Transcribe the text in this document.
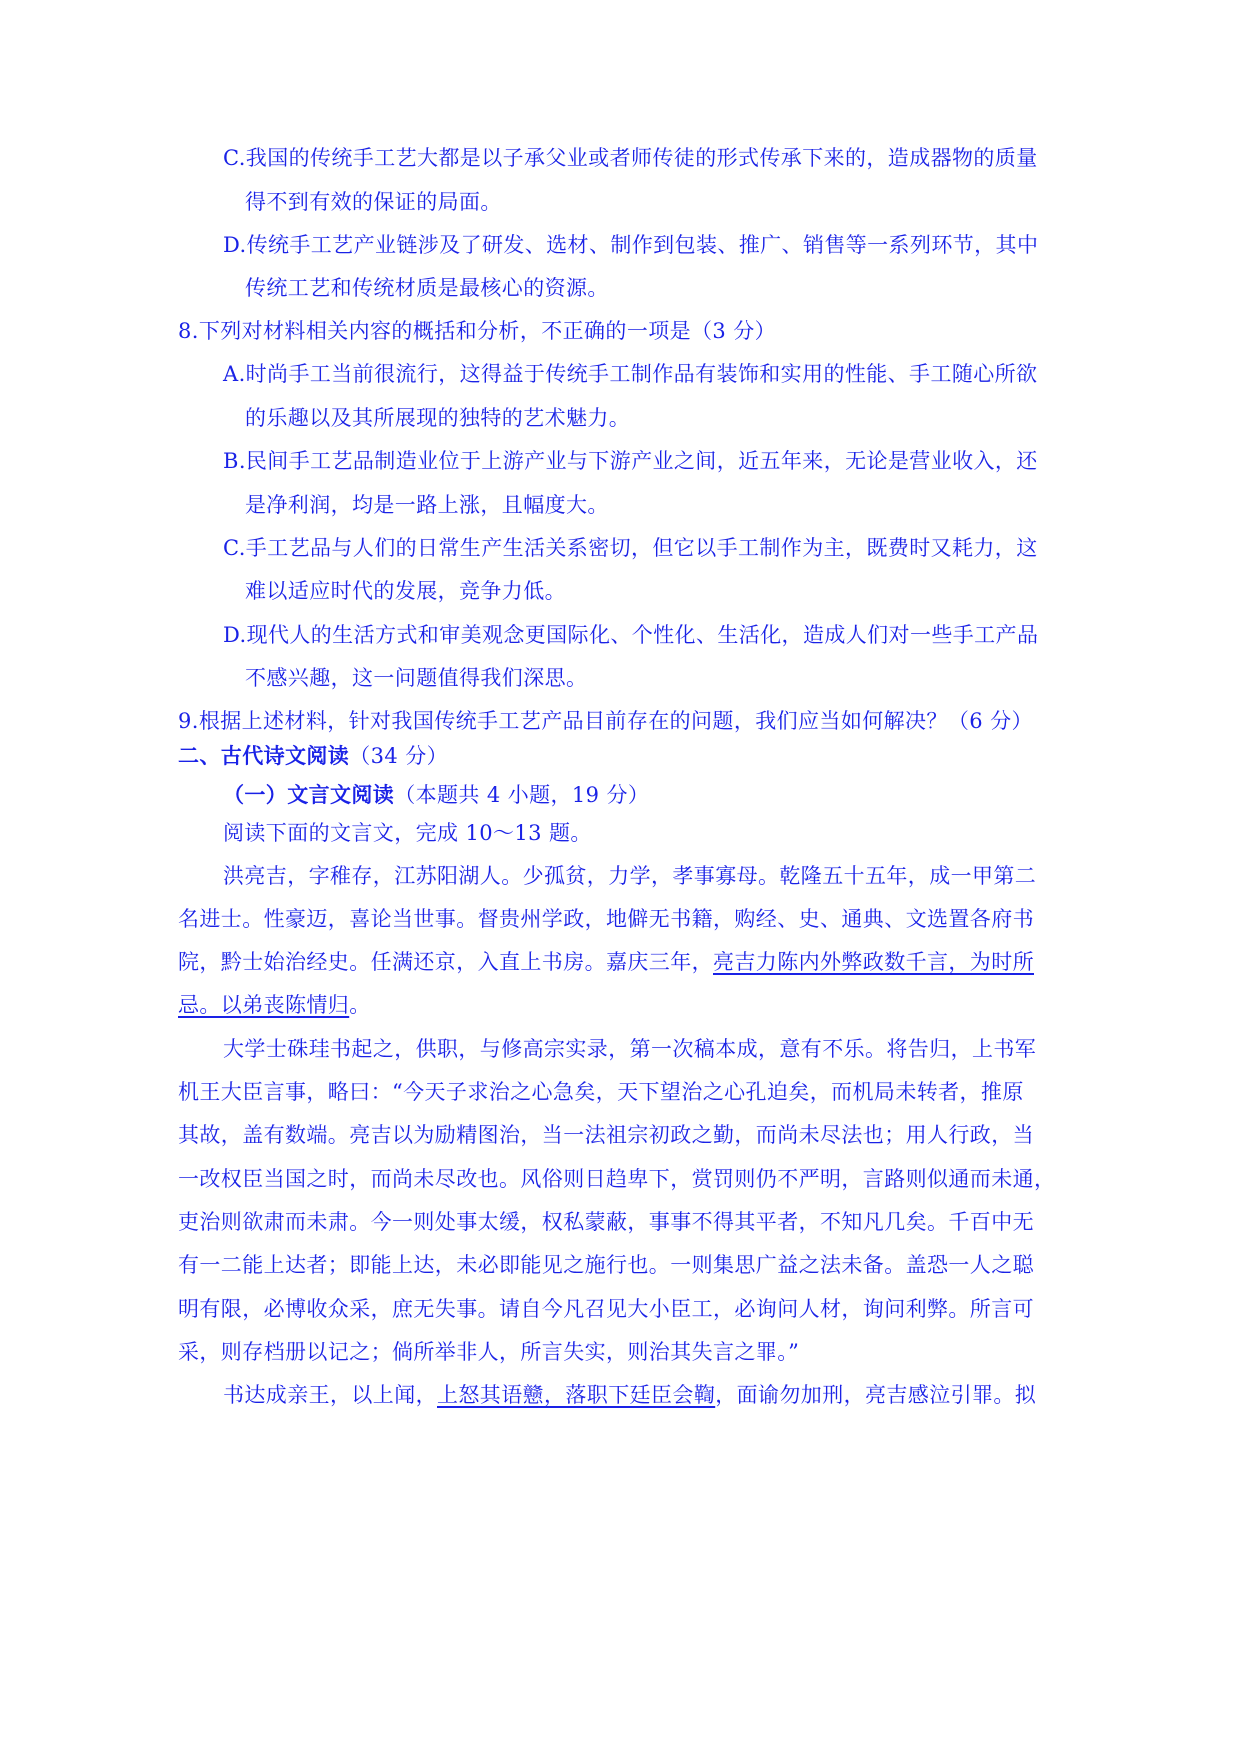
C.我国的传统手工艺大都是以子承父业或者师传徒的形式传承下来的，造成器物的质量
得不到有效的保证的局面。
D.传统手工艺产业链涉及了研发、选材、制作到包装、推广、销售等一系列环节，其中
传统工艺和传统材质是最核心的资源。
8.下列对材料相关内容的概括和分析，不正确的一项是（3 分）
A.时尚手工当前很流行，这得益于传统手工制作品有装饰和实用的性能、手工随心所欲
的乐趣以及其所展现的独特的艺术魅力。
B.民间手工艺品制造业位于上游产业与下游产业之间，近五年来，无论是营业收入，还
是净利润，均是一路上涨，且幅度大。
C.手工艺品与人们的日常生产生活关系密切，但它以手工制作为主，既费时又耗力，这
难以适应时代的发展，竞争力低。
D.现代人的生活方式和审美观念更国际化、个性化、生活化，造成人们对一些手工产品
不感兴趣，这一问题值得我们深思。
9.根据上述材料，针对我国传统手工艺产品目前存在的问题，我们应当如何解决？（6 分）
二、古代诗文阅读（34 分）
（一）文言文阅读（本题共 4 小题，19 分）
阅读下面的文言文，完成 10～13 题。
洪亮吉，字稚存，江苏阳湖人。少孤贫，力学，孝事寡母。乾隆五十五年，成一甲第二
名进士。性豪迈，喜论当世事。督贵州学政，地僻无书籍，购经、史、通典、文选置各府书
院，黔士始治经史。任满还京，入直上书房。嘉庆三年，亮吉力陈内外弊政数千言，为时所
忌。以弟丧陈情归。
大学士硃珪书起之，供职，与修高宗实录，第一次稿本成，意有不乐。将告归，上书军
机王大臣言事，略曰：“今天子求治之心急矣，天下望治之心孔迫矣，而机局未转者，推原
其故，盖有数端。亮吉以为励精图治，当一法祖宗初政之勤，而尚未尽法也；用人行政，当
一改权臣当国之时，而尚未尽改也。风俗则日趋卑下，赏罚则仍不严明，言路则似通而未通，
吏治则欲肃而未肃。今一则处事太缓，权私蒙蔽，事事不得其平者，不知凡几矣。千百中无
有一二能上达者；即能上达，未必即能见之施行也。一则集思广益之法未备。盖恐一人之聪
明有限，必博收众采，庶无失事。请自今凡召见大小臣工，必询问人材，询问利弊。所言可
采，则存档册以记之；倘所举非人，所言失实，则治其失言之罪。”
书达成亲王，以上闻，上怒其语戆，落职下廷臣会鞫，面谕勿加刑，亮吉感泣引罪。拟
